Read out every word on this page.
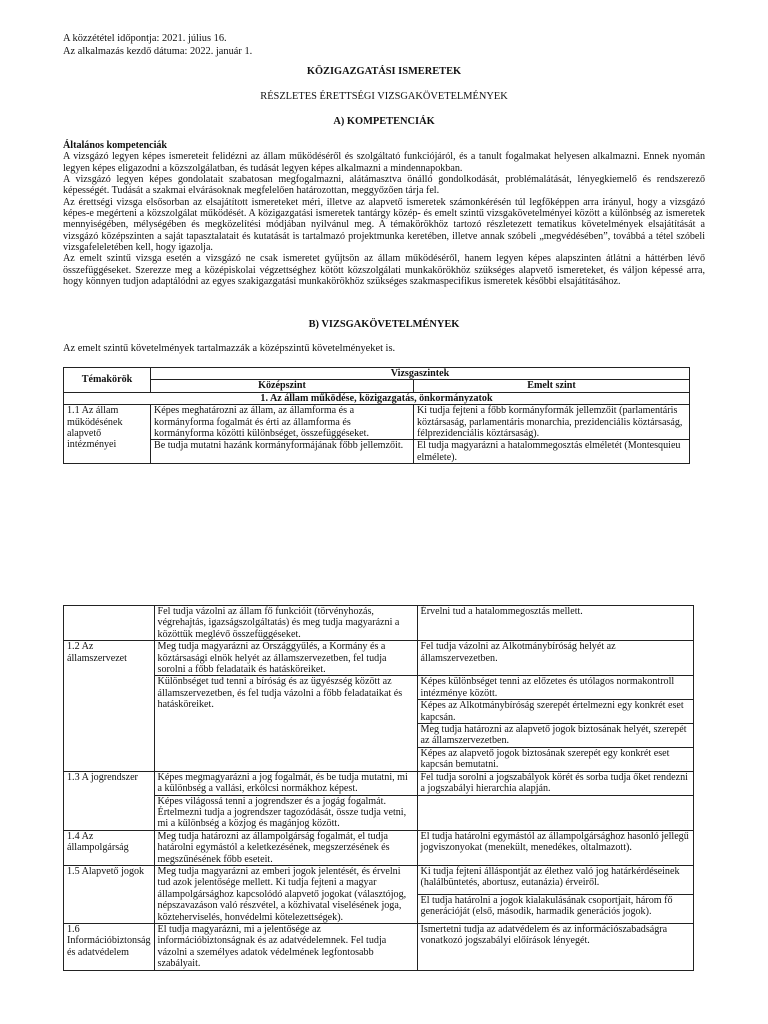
A közzététel időpontja: 2021. július 16.
Az alkalmazás kezdő dátuma: 2022. január 1.
KÖZIGAZGATÁSI ISMERETEK
RÉSZLETES ÉRETTSÉGI VIZSGAKÖVETELMÉNYEK
A) KOMPETENCIÁK

Általános kompetenciák

A vizsgázó legyen képes ismereteit felidézni az állam működéséről és szolgáltató funkciójáról, és a tanult fogalmakat helyesen alkalmazni. Ennek nyomán legyen képes eligazodni a közszolgálatban, és tudását legyen képes alkalmazni a mindennapokban.

A vizsgázó legyen képes gondolatait szabatosan megfogalmazni, alátámasztva önálló gondolkodását, problémalátását, lényegkiemelő és rendszerező képességét. Tudását a szakmai elvárásoknak megfelelően határozottan, meggyőzően tárja fel.

Az érettségi vizsga elsősorban az elsajátított ismereteket méri, illetve az alapvető ismeretek számonkérésén túl legfőképpen arra irányul, hogy a vizsgázó képes-e megérteni a közszolgálat működését. A közigazgatási ismeretek tantárgy közép- és emelt szintű vizsgakövetelményei között a különbség az ismeretek mennyiségében, mélységében és megközelítési módjában nyilvánul meg. A témakörökhöz tartozó részletezett tematikus követelmények elsajátítását a vizsgázó középszinten a saját tapasztalatait és kutatását is tartalmazó projektmunka keretében, illetve annak szóbeli „megvédésében”, továbbá a tétel szóbeli vizsgafeleletében kell, hogy igazolja.

Az emelt szintű vizsga esetén a vizsgázó ne csak ismeretet gyűjtsön az állam működéséről, hanem legyen képes alapszinten átlátni a háttérben lévő összefüggéseket. Szerezze meg a középiskolai végzettséghez kötött közszolgálati munkakörökhöz szükséges alapvető ismereteket, és váljon képessé arra, hogy könnyen tudjon adaptálódni az egyes szakigazgatási munkakörökhöz szükséges szakmaspecifikus ismeretek későbbi elsajátításához.

B) VIZSGAKÖVETELMÉNYEK
Az emelt szintű követelmények tartalmazzák a középszintű követelményeket is.
Témakörök	Vizsgaszintek	
	Középszint	Emelt szint
1. Az állam működése, közigazgatás, önkormányzatok		
1.1 Az állam működésének alapvető intézményei	Képes meghatározni az állam, az államforma és a kormányforma fogalmát és érti az államforma és kormányforma közötti különbséget, összefüggéseket.	Ki tudja fejteni a főbb kormányformák jellemzőit (parlamentáris köztársaság, parlamentáris monarchia, prezidenciális köztársaság, félprezidenciális köztársaság).
	Be tudja mutatni hazánk kormányformájának főbb jellemzőit.	El tudja magyarázni a hatalommegosztás elméletét (Montesquieu elmélete).
	Fel tudja vázolni az állam fő funkcióit (törvényhozás, végrehajtás, igazságszolgáltatás) és meg tudja magyarázni a közöttük meglévő összefüggéseket.	Érvelni tud a hatalommegosztás mellett.
1.2 Az államszervezet	Meg tudja magyarázni az Országgyűlés, a Kormány és a köztársasági elnök helyét az államszervezetben, fel tudja sorolni a főbb feladataik és hatásköreiket.	Fel tudja vázolni az Alkotmánybíróság helyét az államszervezetben.
	Különbséget tud tenni a bíróság és az ügyészség között az államszervezetben, és fel tudja vázolni a főbb feladataikat és hatásköreiket.	Képes különbséget tenni az előzetes és utólagos normakontroll intézménye között.
		Képes az Alkotmánybíróság szerepét értelmezni egy konkrét eset kapcsán.
		Meg tudja határozni az alapvető jogok biztosának helyét, szerepét az államszervezetben.
		Képes az alapvető jogok biztosának szerepét egy konkrét eset kapcsán bemutatni.
1.3 A jogrendszer	Képes megmagyarázni a jog fogalmát, és be tudja mutatni, mi a különbség a vallási, erkölcsi normákhoz képest.	Fel tudja sorolni a jogszabályok körét és sorba tudja őket rendezni a jogszabályi hierarchia alapján.
	Képes világossá tenni a jogrendszer és a jogág fogalmát. Értelmezni tudja a jogrendszer tagozódását, össze tudja vetni, mi a különbség a közjog és magánjog között.	
1.4 Az állampolgárság	Meg tudja határozni az állampolgárság fogalmát, el tudja határolni egymástól a keletkezésének, megszerzésének és megszűnésének főbb eseteit.	El tudja határolni egymástól az állampolgársághoz hasonló jellegű jogviszonyokat (menekült, menedékes, oltalmazott).
1.5 Alapvető jogok	Meg tudja magyarázni az emberi jogok jelentését, és érvelni tud azok jelentősége mellett. Ki tudja fejteni a magyar állampolgársághoz kapcsolódó alapvető jogokat (választójog, népszavazáson való részvétel, a közhivatal viselésének joga, közteherviselés, honvédelmi kötelezettségek).	Ki tudja fejteni álláspontját az élethez való jog határkérdéseinek (halálbüntetés, abortusz, eutanázia) érveiről.
		El tudja határolni a jogok kialakulásának csoportjait, három fő generációját (első, második, harmadik generációs jogok).
1.6 Információbiztonság és adatvédelem	El tudja magyarázni, mi a jelentősége az információbiztonságnak és az adatvédelemnek. Fel tudja vázolni a személyes adatok védelmének legfontosabb szabályait.	Ismertetni tudja az adatvédelem és az információszabadságra vonatkozó jogszabályi előírások lényegét.
